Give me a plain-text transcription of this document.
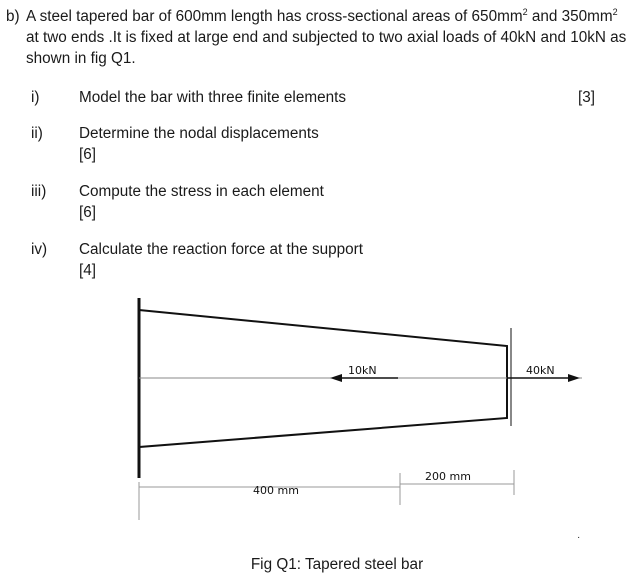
b) A steel tapered bar of 600mm length has cross-sectional areas of $650mm^2$ and $350mm^2$ at two ends .It is fixed at large end and subjected to two axial loads of 40kN and 10kN as shown in fig Q1.
i)	Model the bar with three finite elements	[3]
ii) Determine the nodal displacements
[6]
iii) Compute the stress in each element
[6]
iv) Calculate the reaction force at the support
[4]
10kN	40kN
400 mm
200 mm
·
Fig Q1: Tapered steel bar
